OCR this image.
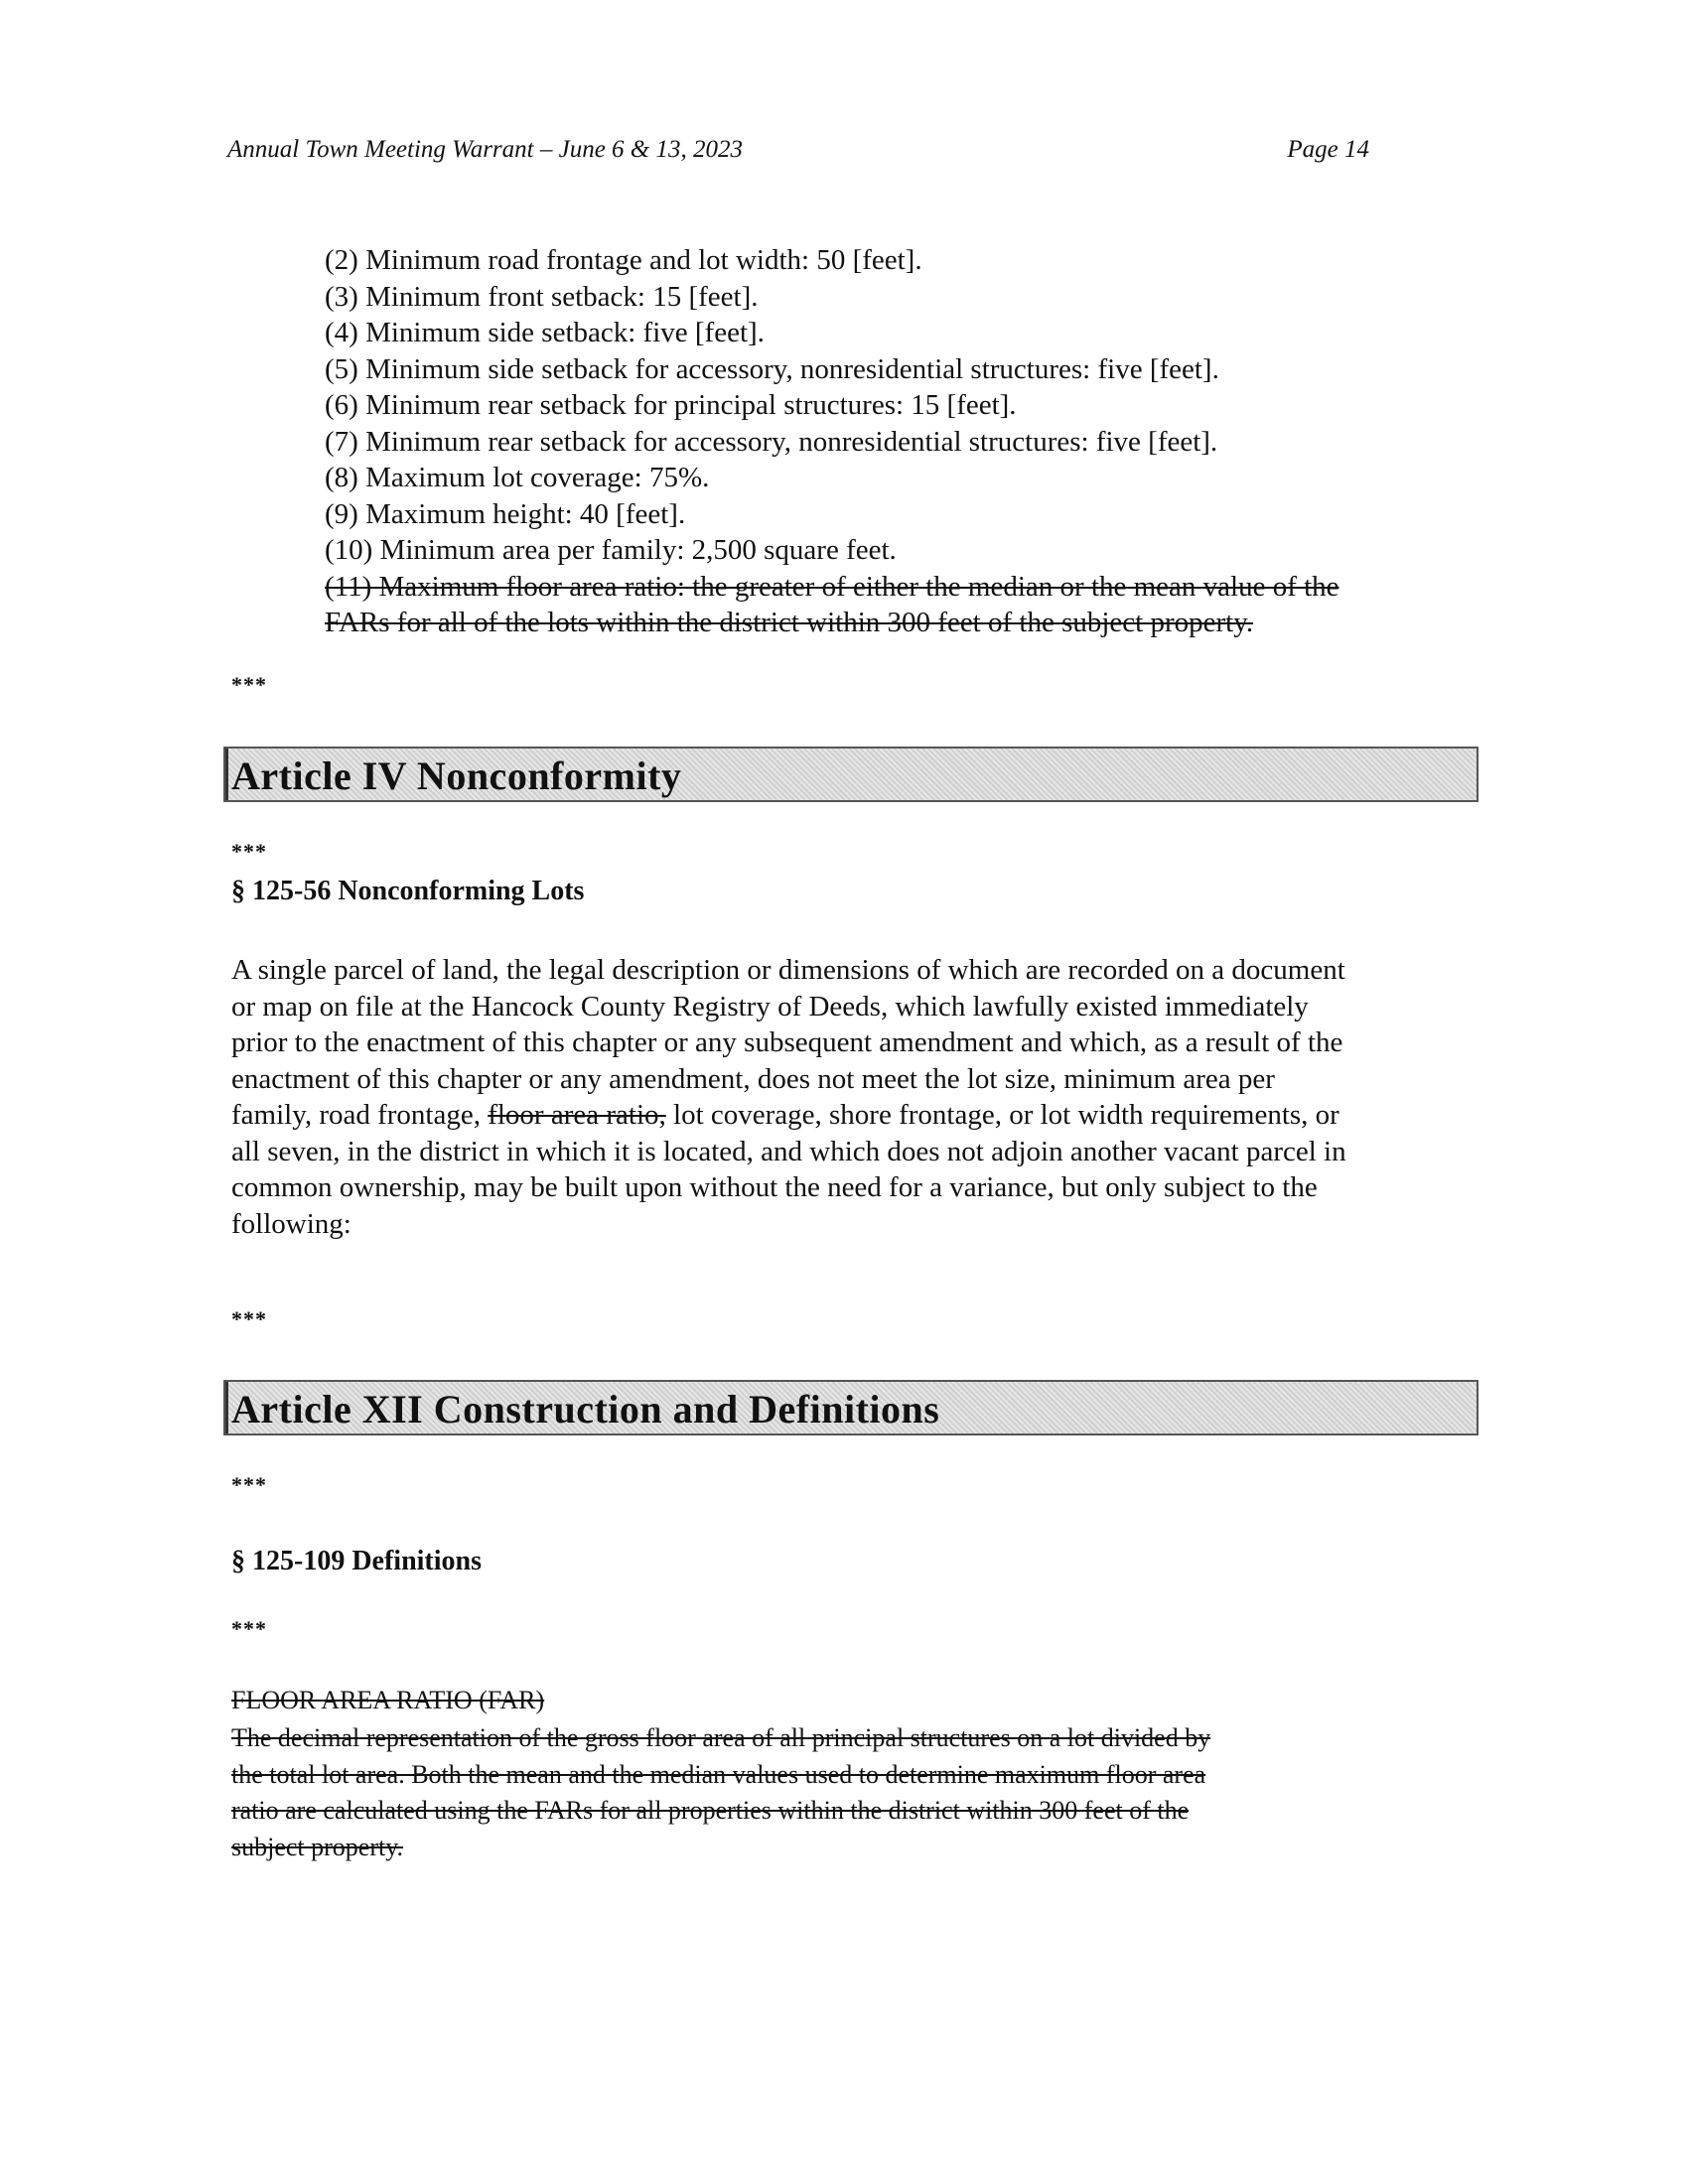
Annual Town Meeting Warrant – June 6 & 13, 2023	Page 14
(2) Minimum road frontage and lot width: 50 [feet].
(3) Minimum front setback: 15 [feet].
(4) Minimum side setback: five [feet].
(5) Minimum side setback for accessory, nonresidential structures: five [feet].
(6) Minimum rear setback for principal structures: 15 [feet].
(7) Minimum rear setback for accessory, nonresidential structures: five [feet].
(8) Maximum lot coverage: 75%.
(9) Maximum height: 40 [feet].
(10) Minimum area per family: 2,500 square feet.
(11) Maximum floor area ratio: the greater of either the median or the mean value of the
FARs for all of the lots within the district within 300 feet of the subject property.
***
Article IV Nonconformity
***
§ 125-56 Nonconforming Lots
A single parcel of land, the legal description or dimensions of which are recorded on a document
or map on file at the Hancock County Registry of Deeds, which lawfully existed immediately
prior to the enactment of this chapter or any subsequent amendment and which, as a result of the
enactment of this chapter or any amendment, does not meet the lot size, minimum area per
family, road frontage, floor area ratio, lot coverage, shore frontage, or lot width requirements, or
all seven, in the district in which it is located, and which does not adjoin another vacant parcel in
common ownership, may be built upon without the need for a variance, but only subject to the
following:
***
Article XII Construction and Definitions
***
§ 125-109 Definitions
***
FLOOR AREA RATIO (FAR)
The decimal representation of the gross floor area of all principal structures on a lot divided by
the total lot area. Both the mean and the median values used to determine maximum floor area
ratio are calculated using the FARs for all properties within the district within 300 feet of the
subject property.
